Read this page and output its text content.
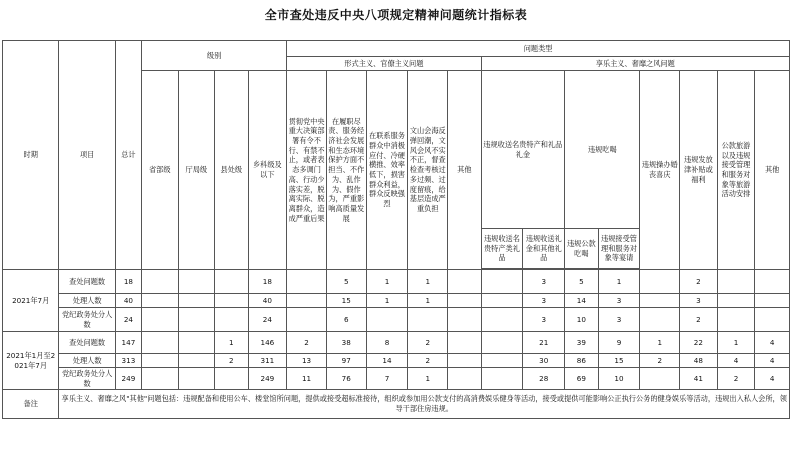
全市查处违反中央八项规定精神问题统计指标表
时期	项目	总计	级别				问题类型												
							形式主义、官僚主义问题					享乐主义、奢靡之风问题							
			省部级	厅局级	县处级	乡科级及以下	贯彻党中央重大决策部署有令不行、有禁不止，或者表态多调门高、行动少落实差，脱离实际、脱离群众，造成严重后果	在履职尽责、服务经济社会发展和生态环境保护方面不担当、不作为、乱作为、假作为，严重影响高质量发展	在联系服务群众中消极应付、冷硬横推、效率低下，损害群众利益，群众反映强烈	文山会海反弹回潮，文风会风不实不正，督查检查考核过多过频、过度留痕，给基层造成严重负担	其他	违规收送名贵特产和礼品礼金		违规吃喝		违规操办婚丧喜庆	违规发放津补贴或福利	公款旅游以及违规接受管理和服务对象等旅游活动安排	其他
												违规收送名贵特产类礼品	违规收送礼金和其他礼品	违规公款吃喝	违规接受管理和服务对象等宴请				

2021年7月	查处问题数	18				18		5	1	1			3	5	1		2		
	处理人数	40				40		15	1	1			3	14	3		3		
	党纪政务处分人数	24				24		6					3	10	3		2		
2021年1月至2021年7月	查处问题数	147			1	146	2	38	8	2			21	39	9	1	22	1	4
	处理人数	313			2	311	13	97	14	2			30	86	15	2	48	4	4
	党纪政务处分人数	249				249	11	76	7	1			28	69	10		41	2	4
备注	享乐主义、奢靡之风"其他"问题包括：违规配备和使用公车、楼堂馆所问题，提供或接受超标准接待，组织或参加用公款支付的高消费娱乐健身等活动，接受或提供可能影响公正执行公务的健身娱乐等活动，违规出入私人会所，领导干部住房违规。																		
